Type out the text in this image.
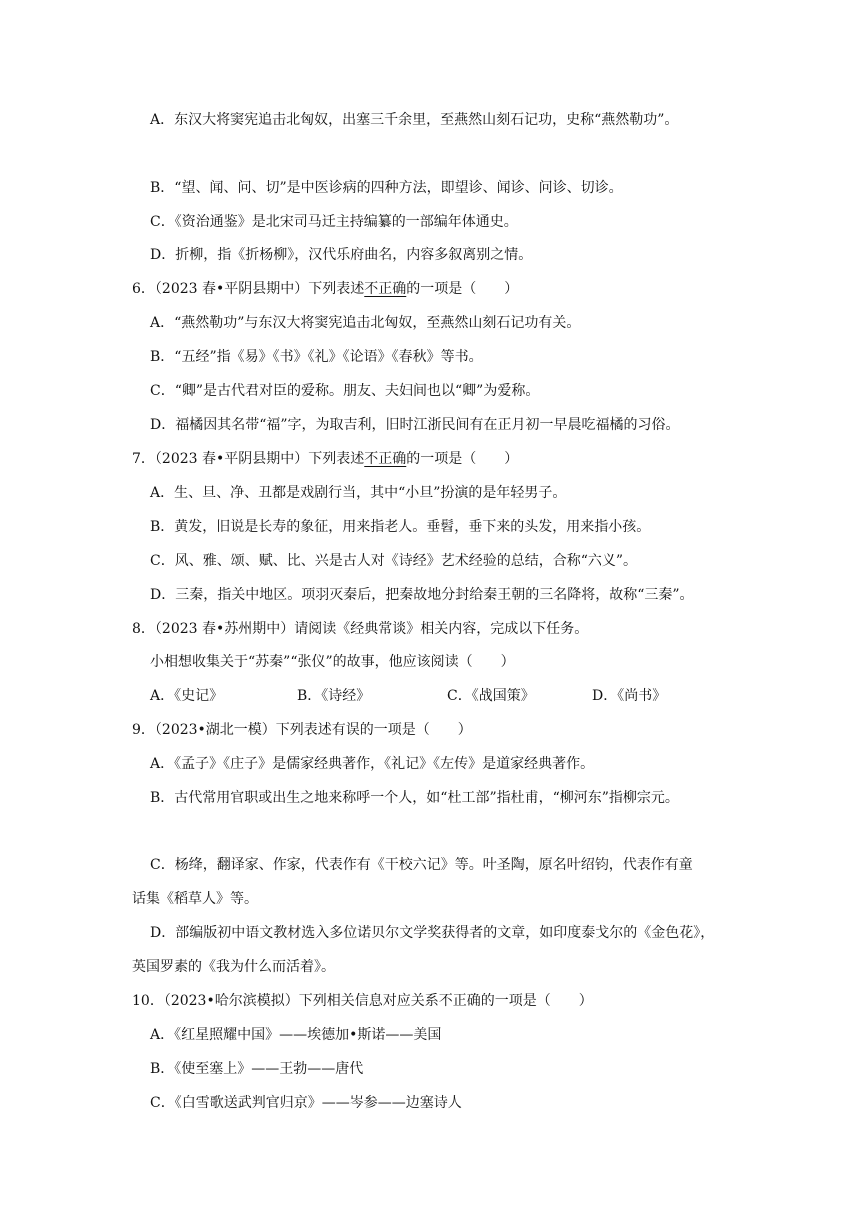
A．东汉大将窦宪追击北匈奴，出塞三千余里，至燕然山刻石记功，史称“燕然勒功”。
B．“望、闻、问、切”是中医诊病的四种方法，即望诊、闻诊、问诊、切诊。
C．《资治通鉴》是北宋司马迁主持编纂的一部编年体通史。
D．折柳，指《折杨柳》，汉代乐府曲名，内容多叙离别之情。
6．（2023 春•平阴县期中）下列表述不正确的一项是（　　）
A．“燕然勒功”与东汉大将窦宪追击北匈奴，至燕然山刻石记功有关。
B．“五经”指《易》《书》《礼》《论语》《春秋》等书。
C．“卿”是古代君对臣的爱称。朋友、夫妇间也以“卿”为爱称。
D．福橘因其名带“福”字，为取吉利，旧时江浙民间有在正月初一早晨吃福橘的习俗。
7．（2023 春•平阴县期中）下列表述不正确的一项是（　　）
A．生、旦、净、丑都是戏剧行当，其中“小旦”扮演的是年轻男子。
B．黄发，旧说是长寿的象征，用来指老人。垂髫，垂下来的头发，用来指小孩。
C．风、雅、颂、赋、比、兴是古人对《诗经》艺术经验的总结，合称“六义”。
D．三秦，指关中地区。项羽灭秦后，把秦故地分封给秦王朝的三名降将，故称“三秦”。
8．（2023 春•苏州期中）请阅读《经典常谈》相关内容，完成以下任务。
小相想收集关于“苏秦”“张仪”的故事，他应该阅读（　　）
A．《史记》	B．《诗经》	C．《战国策》	D．《尚书》
9．（2023•湖北一模）下列表述有误的一项是（　　）
A．《孟子》《庄子》是儒家经典著作，《礼记》《左传》是道家经典著作。
B．古代常用官职或出生之地来称呼一个人，如“杜工部”指杜甫，“柳河东”指柳宗元。
C．杨绛，翻译家、作家，代表作有《干校六记》等。叶圣陶，原名叶绍钧，代表作有童
话集《稻草人》等。
D．部编版初中语文教材选入多位诺贝尔文学奖获得者的文章，如印度泰戈尔的《金色花》，
英国罗素的《我为什么而活着》。
10．（2023•哈尔滨模拟）下列相关信息对应关系不正确的一项是（　　）
A．《红星照耀中国》——埃德加•斯诺——美国
B．《使至塞上》——王勃——唐代
C．《白雪歌送武判官归京》——岑参——边塞诗人
